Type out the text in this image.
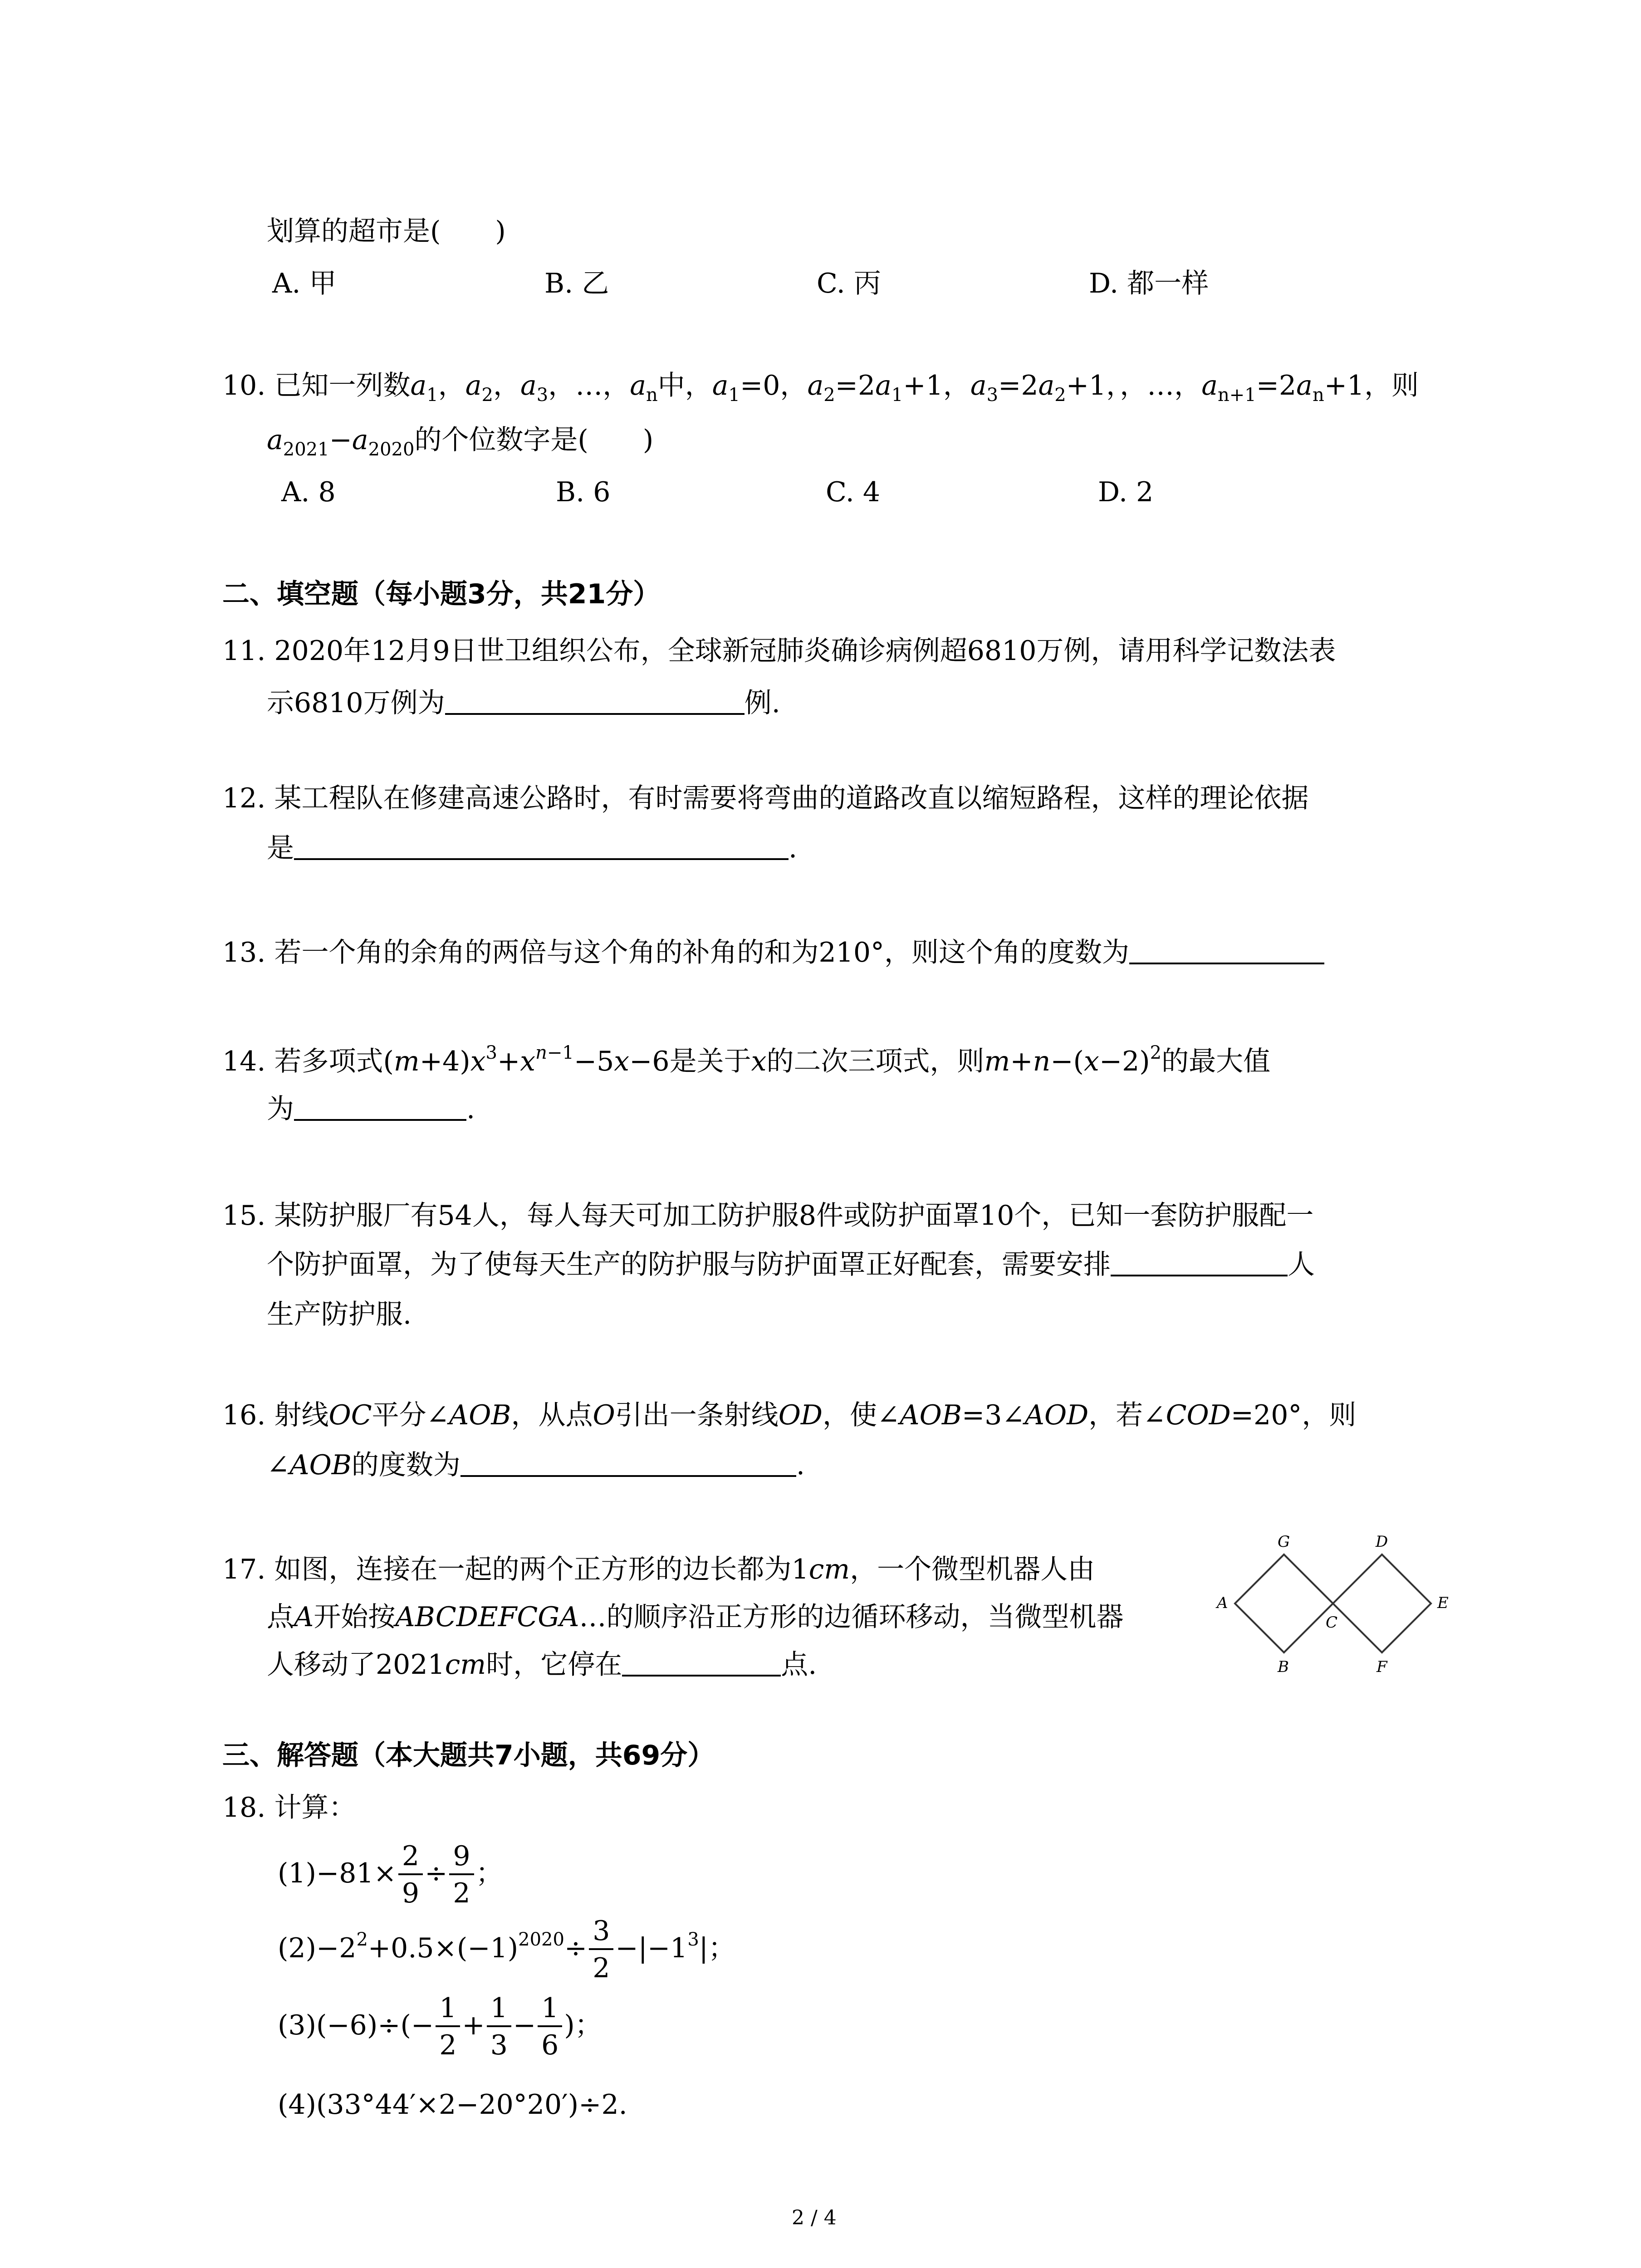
划算的超市是( )
A. 甲	B. 乙	C. 丙	D. 都一样
10. 已知一列数$a_1$，$a_2$，$a_3$，…，$a_n$中，$a_1=0$，$a_2=2a_1+1$，$a_3=2a_2+1$，，…，$a_{n+1}=2a_n+1$，则
$a_{2021}-a_{2020}$的个位数字是( )
A. 8	B. 6	C. 4	D. 2
二、填空题（每小题3分，共21分）
11. 2020年12月9日世卫组织公布，全球新冠肺炎确诊病例超6810万例，请用科学记数法表
示6810万例为	例.
12. 某工程队在修建高速公路时，有时需要将弯曲的道路改直以缩短路程，这样的理论依据
是	.
13. 若一个角的余角的两倍与这个角的补角的和为210°，则这个角的度数为
14. 若多项式$(m+4)x^3+x^{n-1}-5x-6$是关于x的二次三项式，则$m+n-(x-2)^2$的最大值
为	.
15. 某防护服厂有54人，每人每天可加工防护服8件或防护面罩10个，已知一套防护服配一
个防护面罩，为了使每天生产的防护服与防护面罩正好配套，需要安排	人
生产防护服.
16. 射线OC平分∠AOB，从点O引出一条射线OD，使∠AOB=3∠AOD，若∠COD=20°，则
∠AOB的度数为	.
17. 如图，连接在一起的两个正方形的边长都为1cm，一个微型机器人由
点A开始按ABCDEFCGA…的顺序沿正方形的边循环移动，当微型机器
人移动了2021cm时，它停在	点.
G	D
A
C
E
B	F
三、解答题（本大题共7小题，共69分）
18. 计算：
$(1)-81\times \frac{2}{9} \div \frac{9}{2}$ ；
$(2)-2^2+0.5\times(-1)^{2020}\div \frac{3}{2} -|-1^3|$；
$(3)(-6)\div(- \frac{1}{2} + \frac{1}{3} - \frac{1}{6}$ )；
(4)(33°44′×2−20°20′)÷2.
2 / 4
